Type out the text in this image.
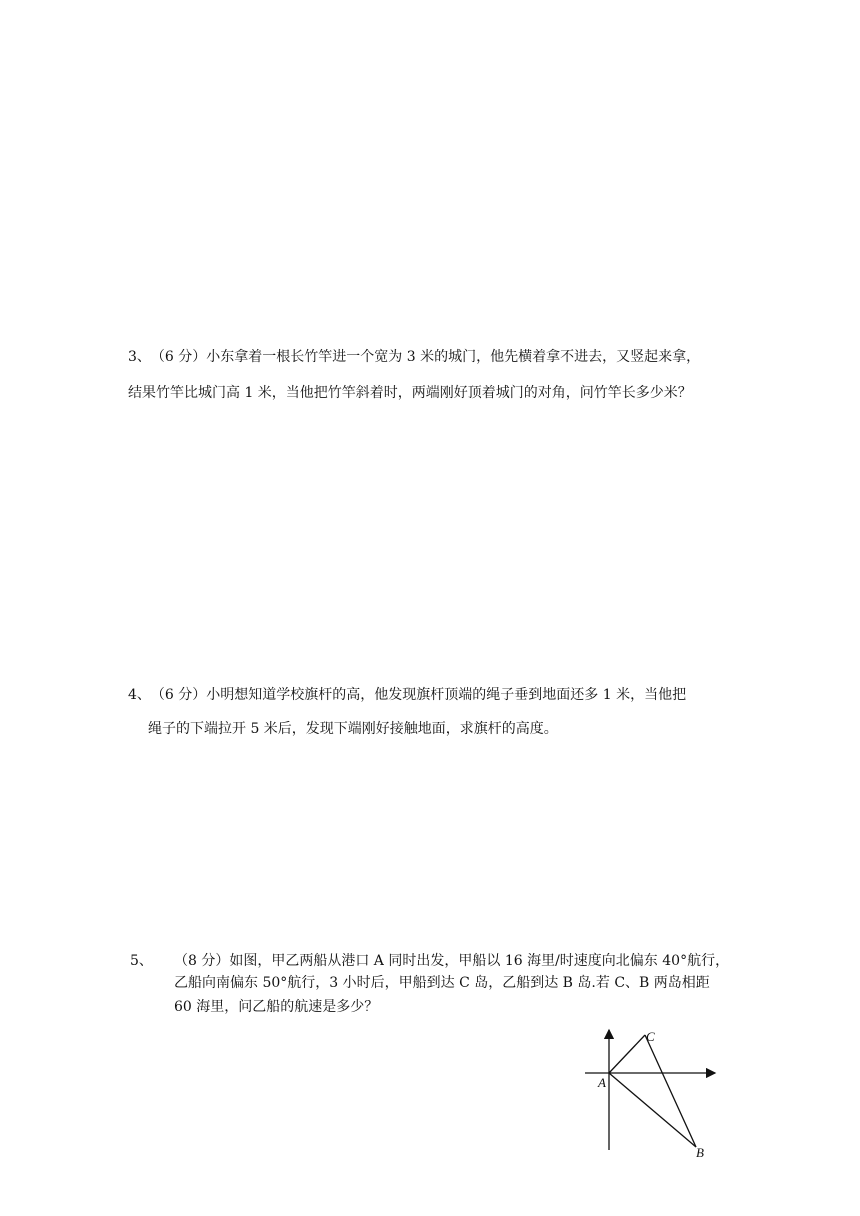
3、（6 分）小东拿着一根长竹竿进一个宽为 3 米的城门，他先横着拿不进去，又竖起来拿，
结果竹竿比城门高 1 米，当他把竹竿斜着时，两端刚好顶着城门的对角，问竹竿长多少米？
4、（6 分）小明想知道学校旗杆的高，他发现旗杆顶端的绳子垂到地面还多 1 米，当他把
绳子的下端拉开 5 米后，发现下端刚好接触地面，求旗杆的高度。
5、 （8 分）如图，甲乙两船从港口 A 同时出发，甲船以 16 海里/时速度向北偏东 40°航行，
乙船向南偏东 50°航行，3 小时后，甲船到达 C 岛，乙船到达 B 岛.若 C、B 两岛相距
60 海里，问乙船的航速是多少？
A
C
B
